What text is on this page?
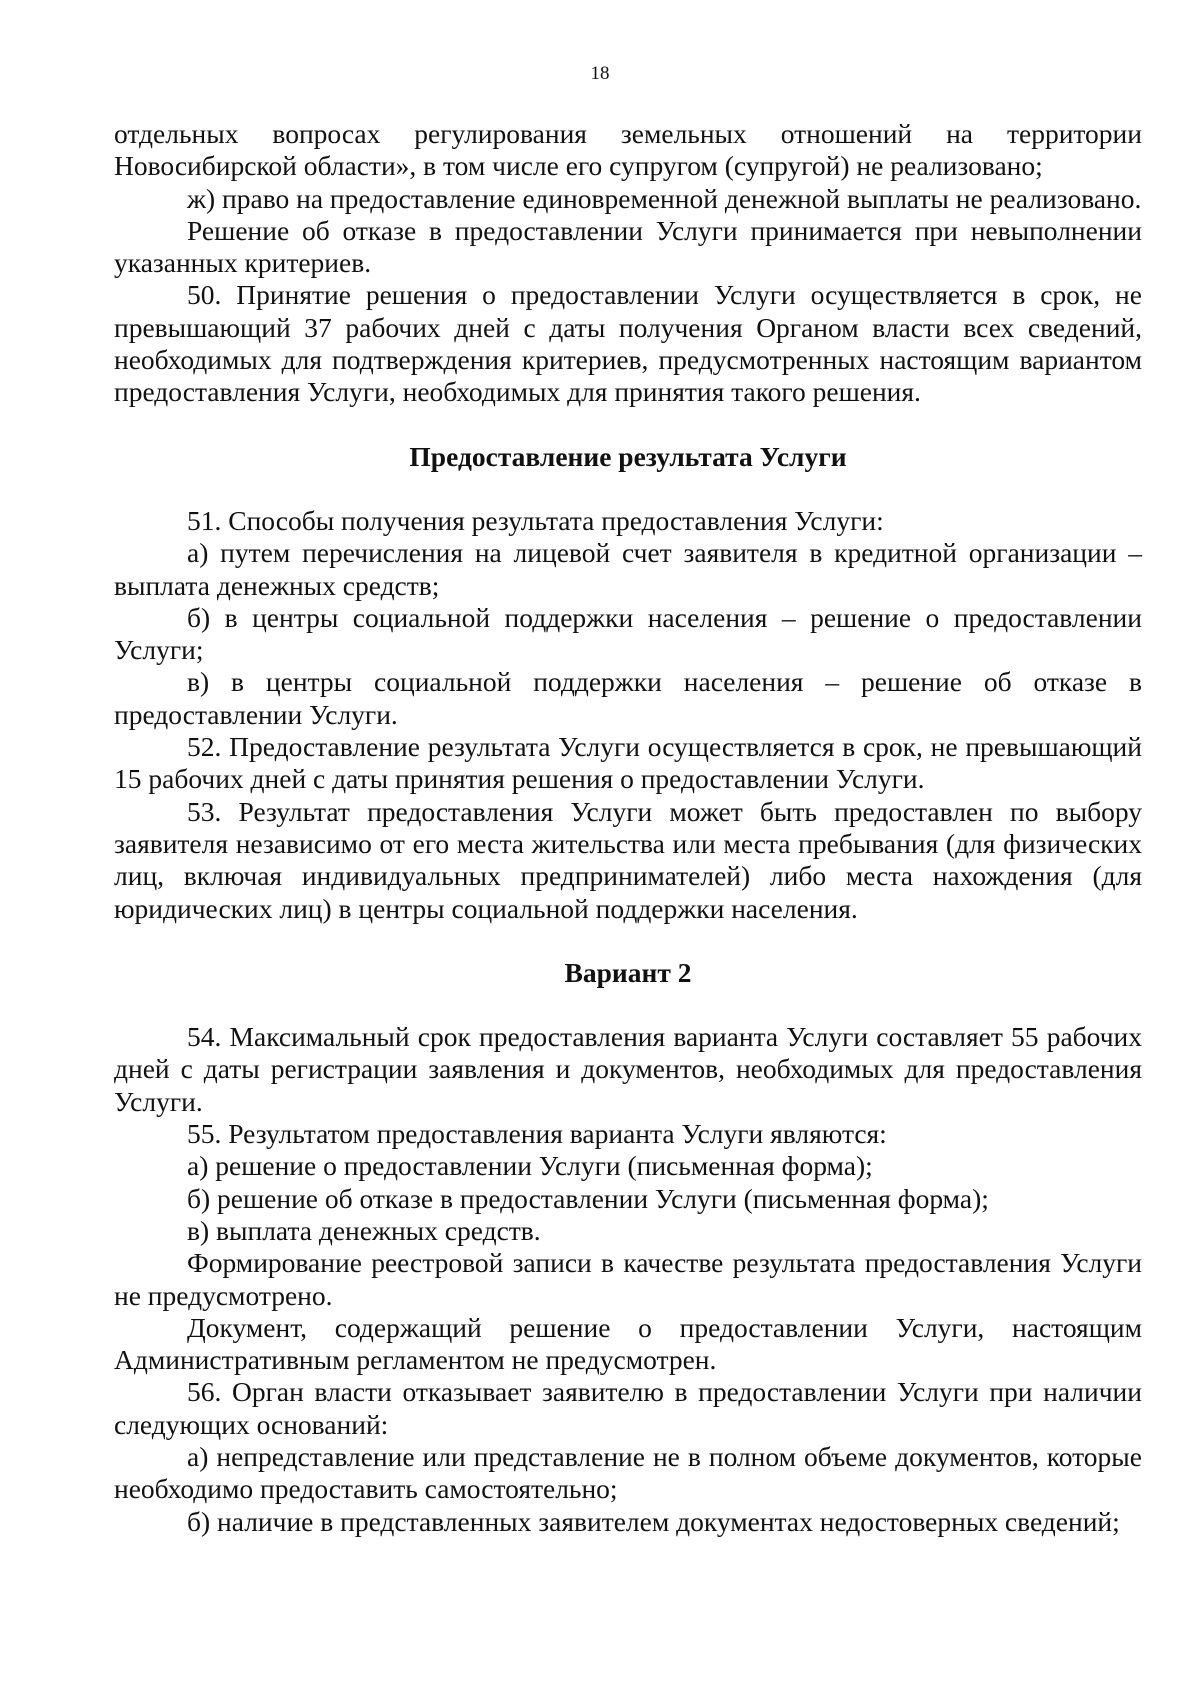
18

отдельных вопросах регулирования земельных отношений на территории Новосибирской области», в том числе его супругом (супругой) не реализовано;

ж) право на предоставление единовременной денежной выплаты не реализовано.

Решение об отказе в предоставлении Услуги принимается при невыполнении указанных критериев.

50. Принятие решения о предоставлении Услуги осуществляется в срок, не превышающий 37 рабочих дней с даты получения Органом власти всех сведений, необходимых для подтверждения критериев, предусмотренных настоящим вариантом предоставления Услуги, необходимых для принятия такого решения.

Предоставление результата Услуги

51. Способы получения результата предоставления Услуги:

а) путем перечисления на лицевой счет заявителя в кредитной организации – выплата денежных средств;

б) в центры социальной поддержки населения – решение о предоставлении Услуги;

в) в центры социальной поддержки населения – решение об отказе в предоставлении Услуги.

52. Предоставление результата Услуги осуществляется в срок, не превышающий 15 рабочих дней с даты принятия решения о предоставлении Услуги.

53. Результат предоставления Услуги может быть предоставлен по выбору заявителя независимо от его места жительства или места пребывания (для физических лиц, включая индивидуальных предпринимателей) либо места нахождения (для юридических лиц) в центры социальной поддержки населения.

Вариант 2

54. Максимальный срок предоставления варианта Услуги составляет 55 рабочих дней с даты регистрации заявления и документов, необходимых для предоставления Услуги.

55. Результатом предоставления варианта Услуги являются:

а) решение о предоставлении Услуги (письменная форма);

б) решение об отказе в предоставлении Услуги (письменная форма);

в) выплата денежных средств.

Формирование реестровой записи в качестве результата предоставления Услуги не предусмотрено.

Документ, содержащий решение о предоставлении Услуги, настоящим Административным регламентом не предусмотрен.

56. Орган власти отказывает заявителю в предоставлении Услуги при наличии следующих оснований:

а) непредставление или представление не в полном объеме документов, которые необходимо предоставить самостоятельно;

б) наличие в представленных заявителем документах недостоверных сведений;
